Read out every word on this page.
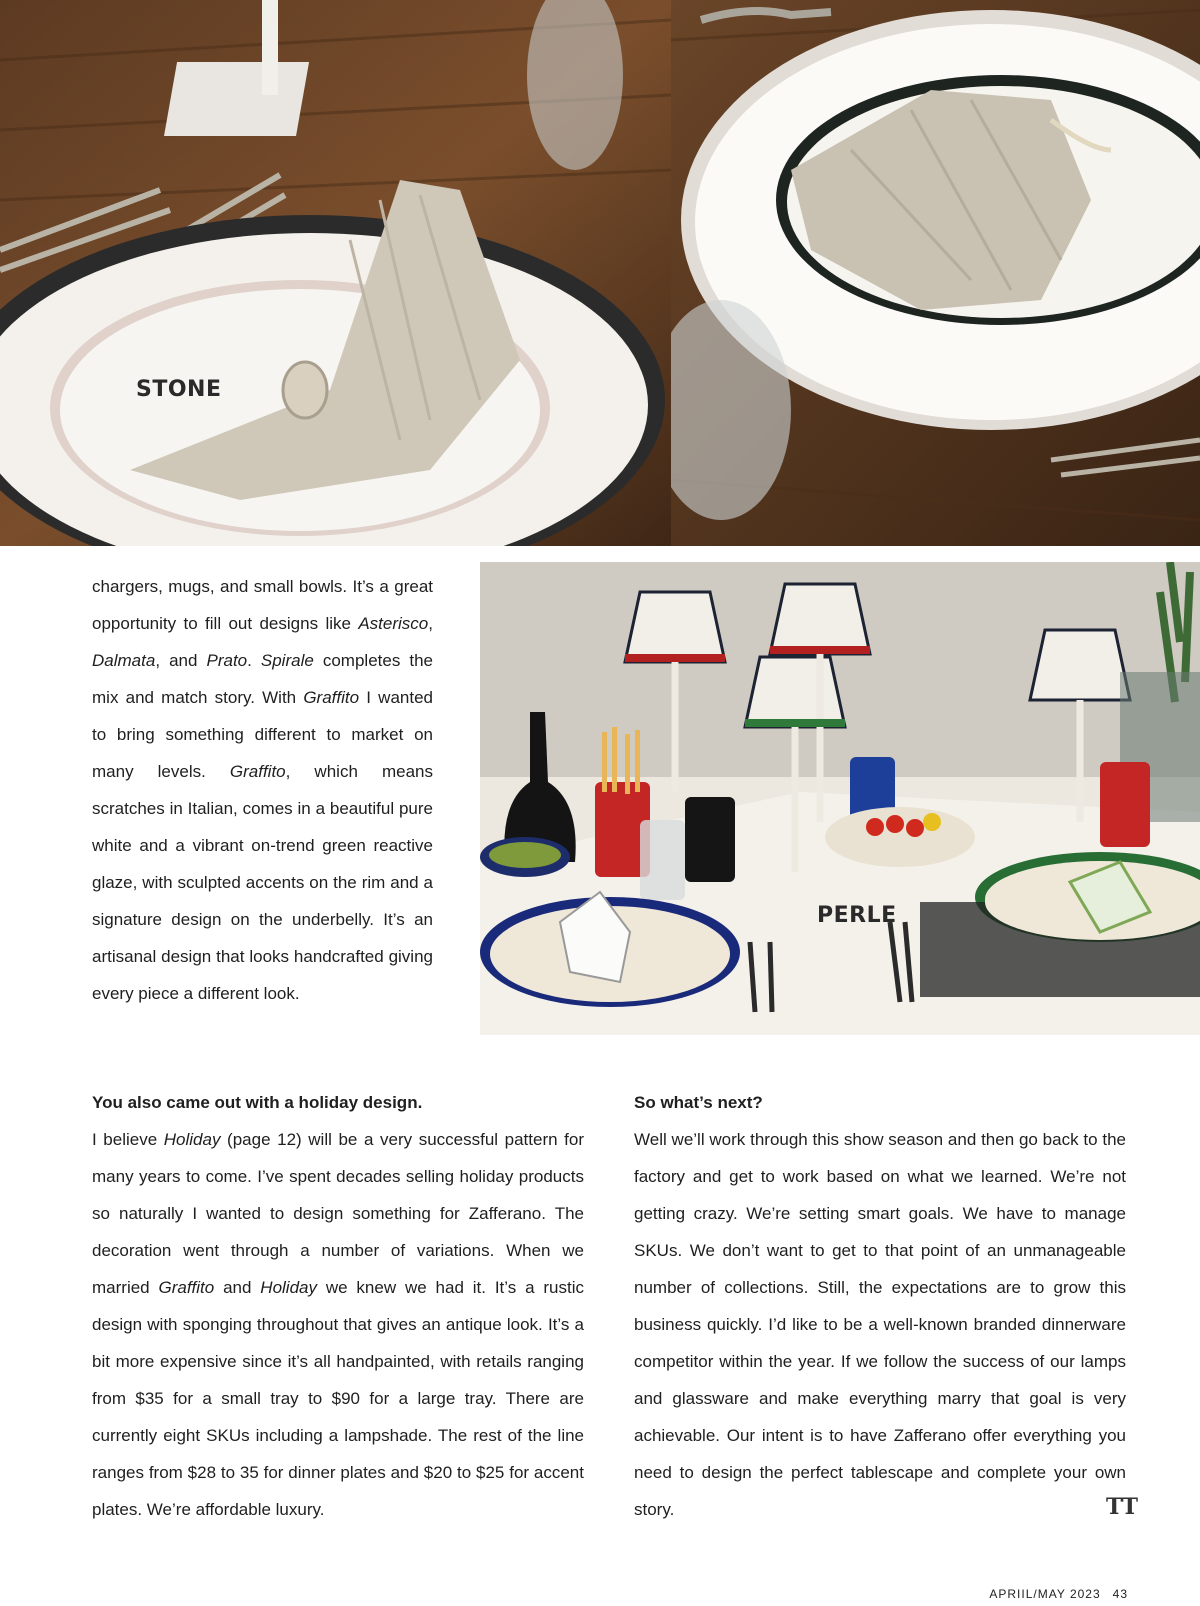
STONE
PERLE

chargers, mugs, and small bowls. It’s a great opportunity to fill out designs like Asterisco, Dalmata, and Prato. Spirale completes the mix and match story. With Graffito I wanted to bring something different to market on many levels. Graffito, which means scratches in Italian, comes in a beautiful pure white and a vibrant on-trend green reactive glaze, with sculpted accents on the rim and a signature design on the underbelly. It’s an artisanal design that looks handcrafted giving every piece a different look.

You also came out with a holiday design.

I believe Holiday (page 12) will be a very successful pattern for many years to come. I’ve spent decades selling holiday products so naturally I wanted to design something for Zafferano. The decoration went through a number of variations. When we married Graffito and Holiday we knew we had it. It’s a rustic design with sponging throughout that gives an antique look. It’s a bit more expensive since it’s all handpainted, with retails ranging from $35 for a small tray to $90 for a large tray. There are currently eight SKUs including a lampshade. The rest of the line ranges from $28 to 35 for dinner plates and $20 to $25 for accent plates. We’re affordable luxury.

So what’s next?

Well we’ll work through this show season and then go back to the factory and get to work based on what we learned. We’re not getting crazy. We’re setting smart goals. We have to manage SKUs. We don’t want to get to that point of an unmanageable number of collections. Still, the expectations are to grow this business quickly. I’d like to be a well-known branded dinnerware competitor within the year. If we follow the success of our lamps and glassware and make everything marry that goal is very achievable. Our intent is to have Zafferano offer everything you need to design the perfect tablescape and complete your own story.	TT
APRIIL/MAY 2023 43
